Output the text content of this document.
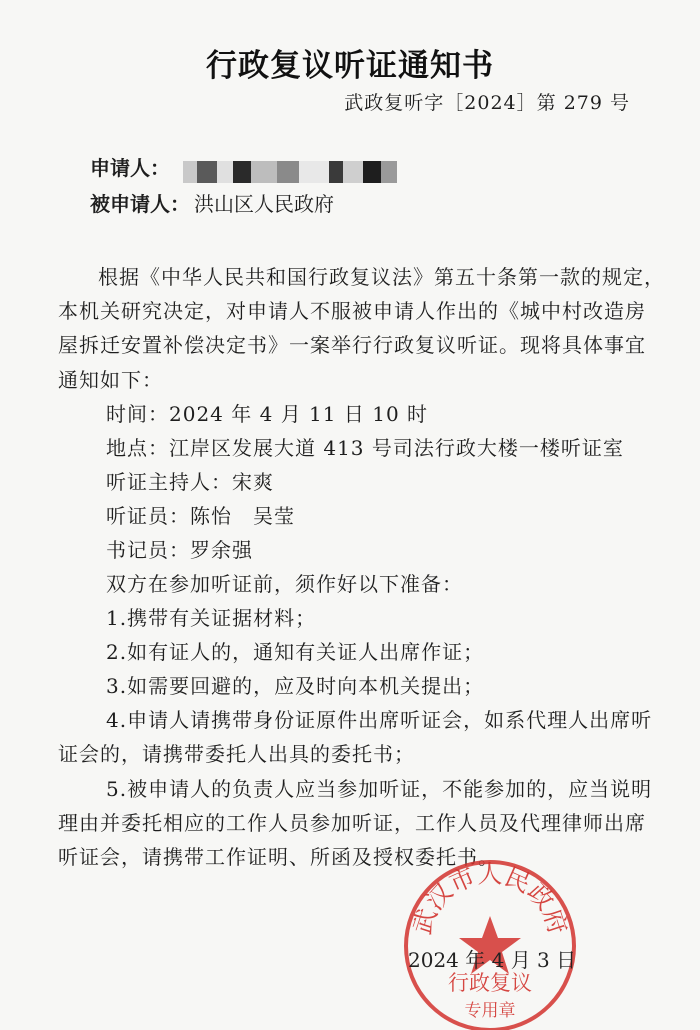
行政复议听证通知书
武政复听字［2024］第 279 号
申请人：
被申请人： 洪山区人民政府
根据《中华人民共和国行政复议法》第五十条第一款的规定，
本机关研究决定，对申请人不服被申请人作出的《城中村改造房
屋拆迁安置补偿决定书》一案举行行政复议听证。现将具体事宜
通知如下：
时间：2024 年 4 月 11 日 10 时
地点：江岸区发展大道 413 号司法行政大楼一楼听证室
听证主持人：宋爽
听证员：陈怡　吴莹
书记员：罗余强
双方在参加听证前，须作好以下准备：
1.携带有关证据材料；
2.如有证人的，通知有关证人出席作证；
3.如需要回避的，应及时向本机关提出；
4.申请人请携带身份证原件出席听证会，如系代理人出席听
证会的，请携带委托人出具的委托书；
5.被申请人的负责人应当参加听证，不能参加的，应当说明
理由并委托相应的工作人员参加听证，工作人员及代理律师出席
听证会，请携带工作证明、所函及授权委托书。
武汉市人民政府
行政复议
专用章
2024 年 4 月 3 日
